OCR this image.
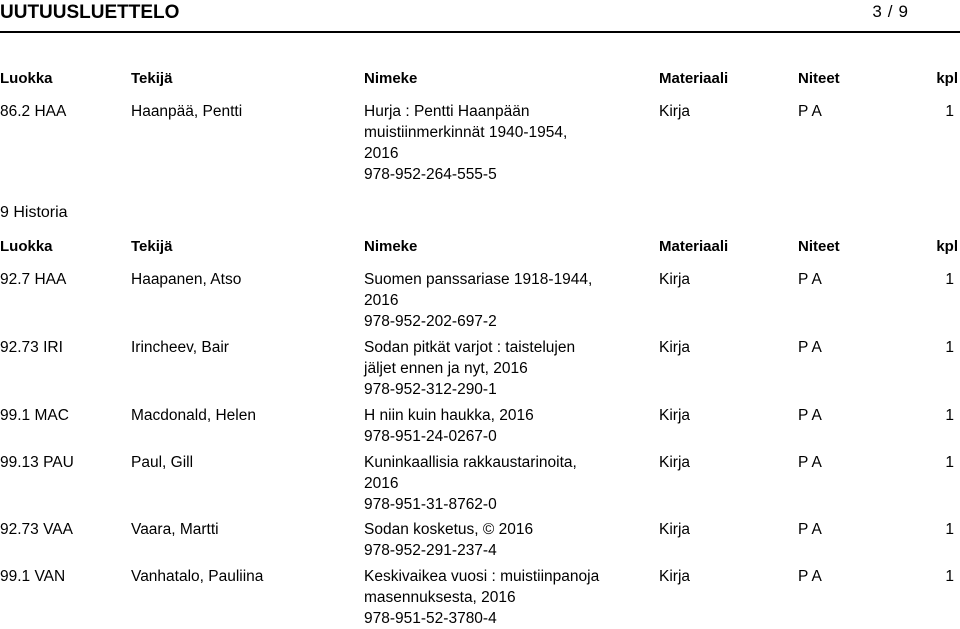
UUTUUSLUETTELO	3 / 9
Luokka	Tekijä	Nimeke	Materiaali	Niteet	kpl
86.2 HAA	Haanpää, Pentti	Hurja : Pentti Haanpään
muistiinmerkinnät 1940-1954,
2016
978-952-264-555-5
Kirja	P A	1
9 Historia
Luokka	Tekijä	Nimeke	Materiaali	Niteet	kpl
92.7 HAA	Haapanen, Atso	Suomen panssariase 1918-1944,
2016
978-952-202-697-2
Kirja	P A	1
92.73 IRI	Irincheev, Bair	Sodan pitkät varjot : taistelujen
jäljet ennen ja nyt, 2016
978-952-312-290-1
Kirja	P A	1
99.1 MAC	Macdonald, Helen	H niin kuin haukka, 2016
978-951-24-0267-0
Kirja	P A	1
99.13 PAU	Paul, Gill	Kuninkaallisia rakkaustarinoita,
2016
978-951-31-8762-0
Kirja	P A	1
92.73 VAA	Vaara, Martti	Sodan kosketus, © 2016
978-952-291-237-4
Kirja	P A	1
99.1 VAN	Vanhatalo, Pauliina	Keskivaikea vuosi : muistiinpanoja
masennuksesta, 2016
978-951-52-3780-4
Kirja	P A	1
